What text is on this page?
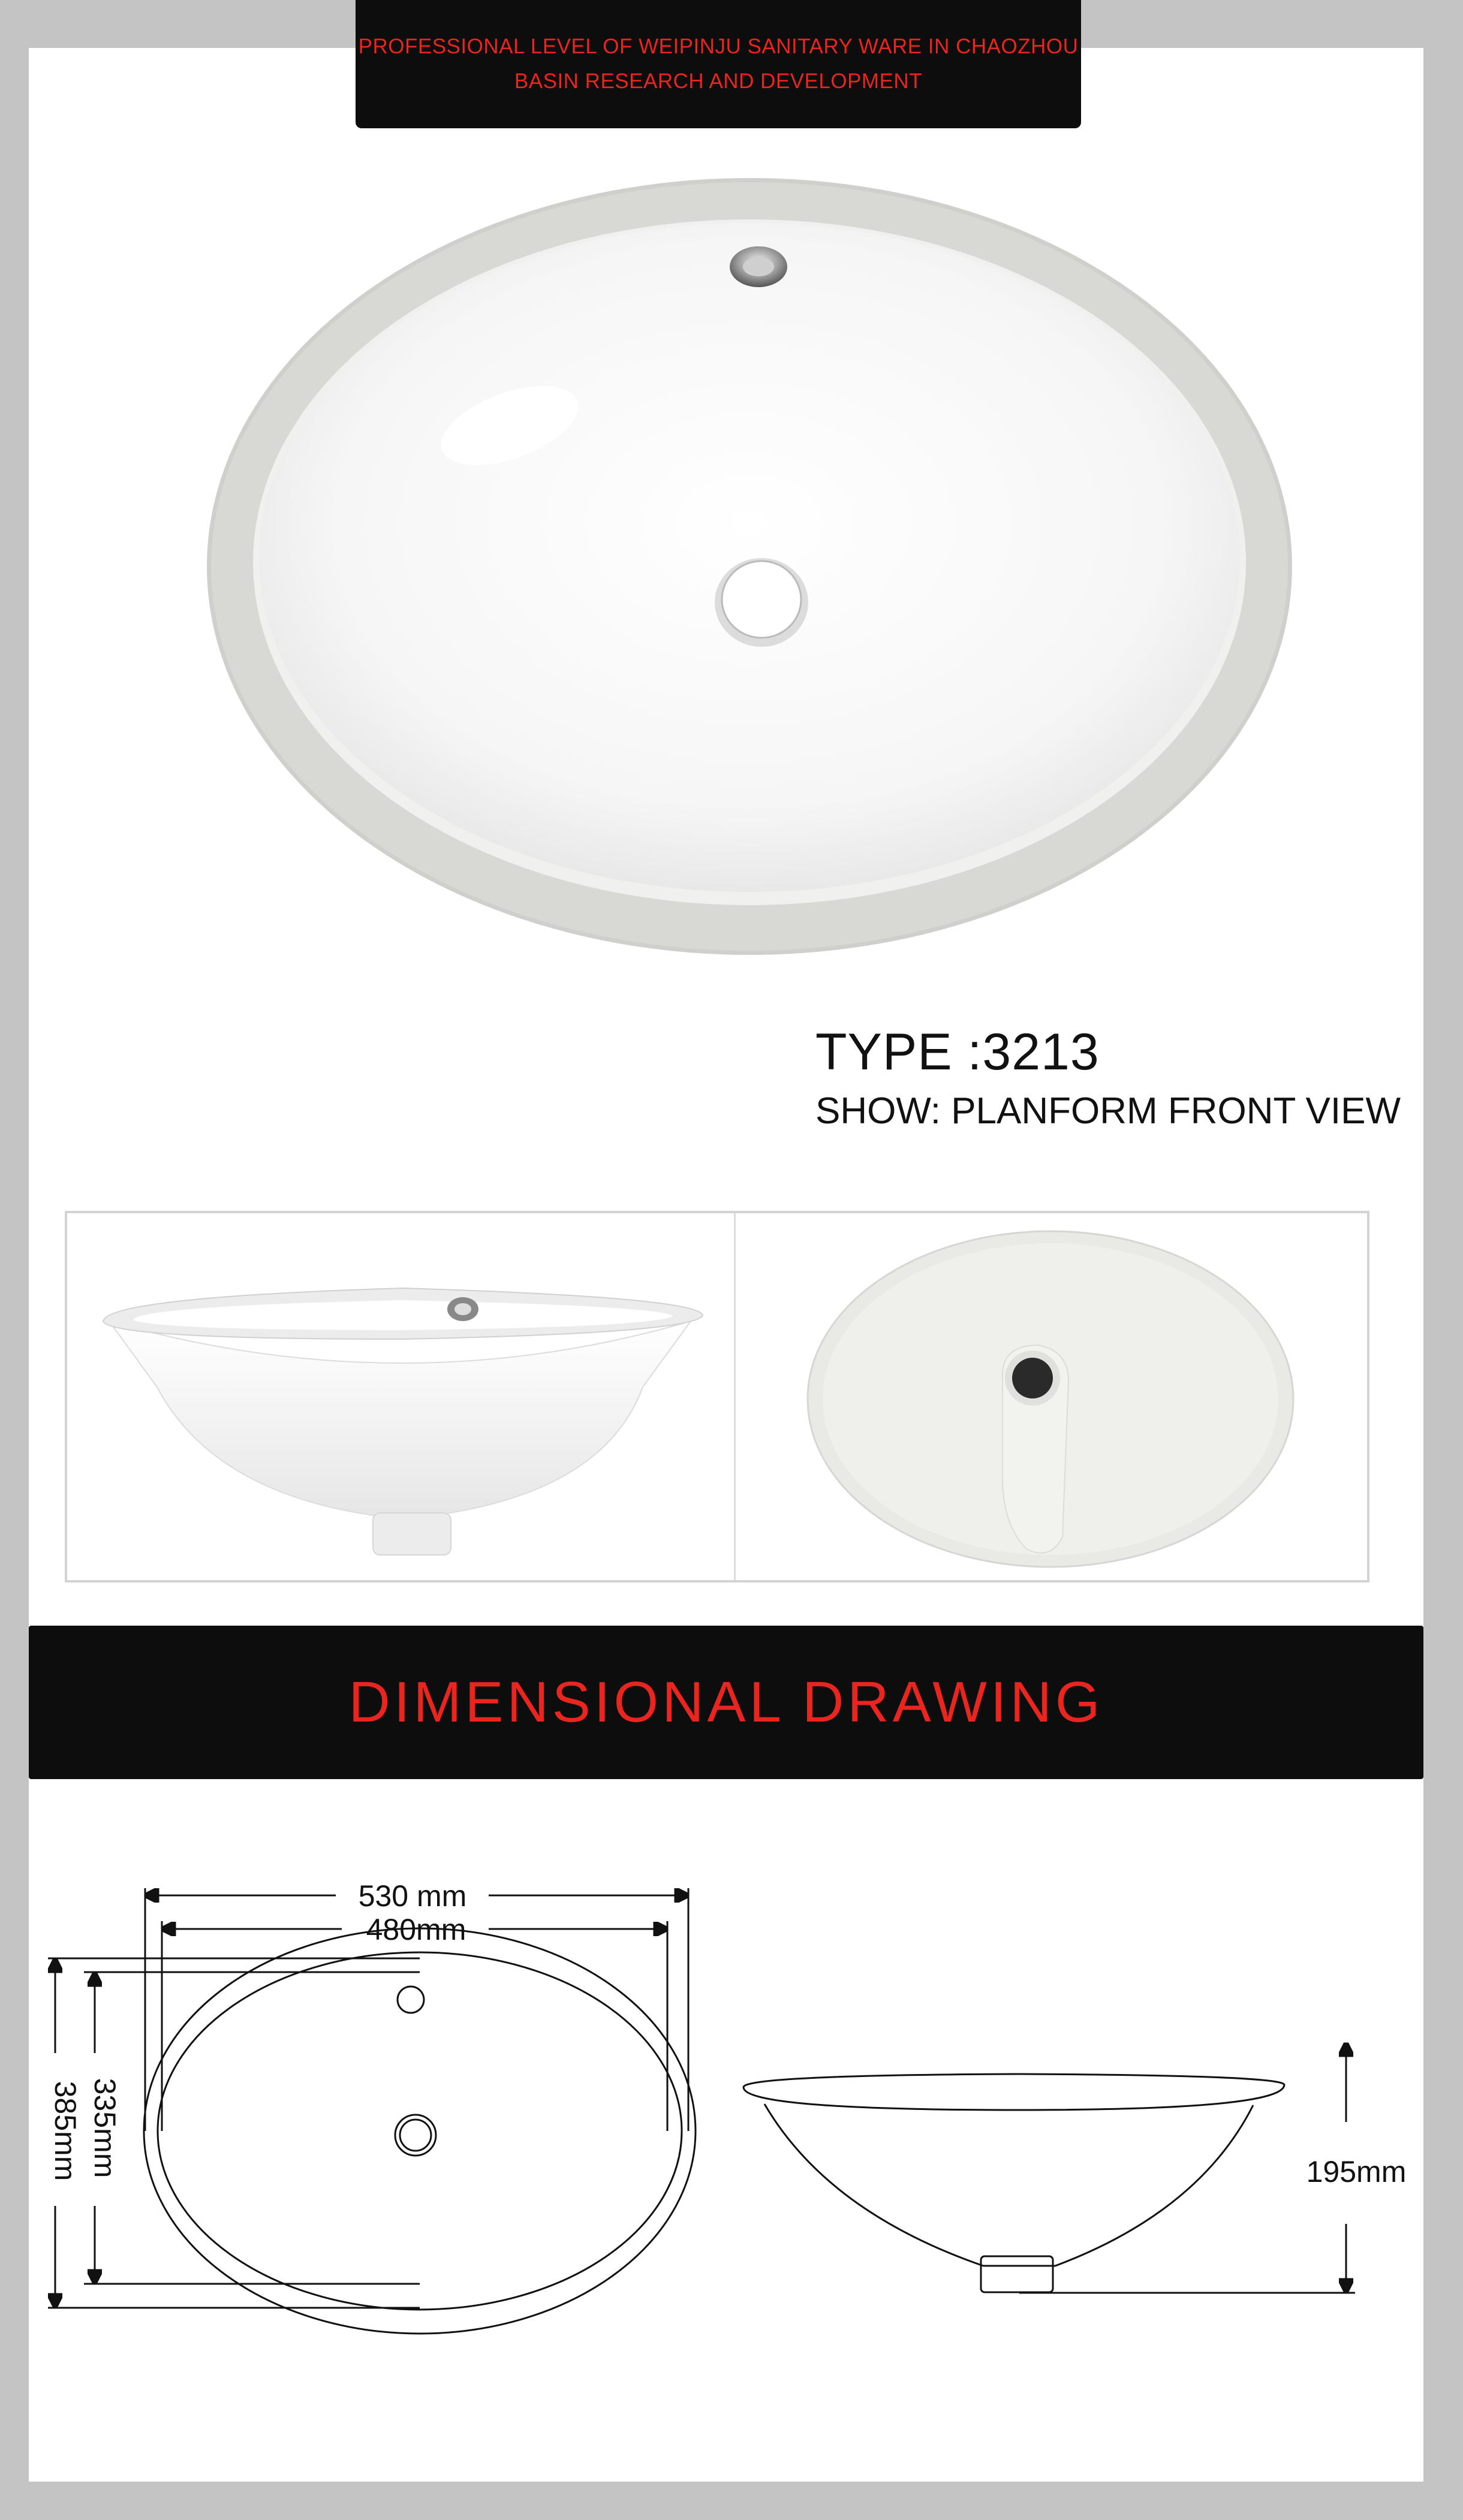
PROFESSIONAL LEVEL OF WEIPINJU SANITARY WARE IN CHAOZHOU
BASIN RESEARCH AND DEVELOPMENT
TYPE :3213
SHOW: PLANFORM FRONT VIEW
DIMENSIONAL DRAWING
530 mm
480mm
385mm 335mm	195mm
